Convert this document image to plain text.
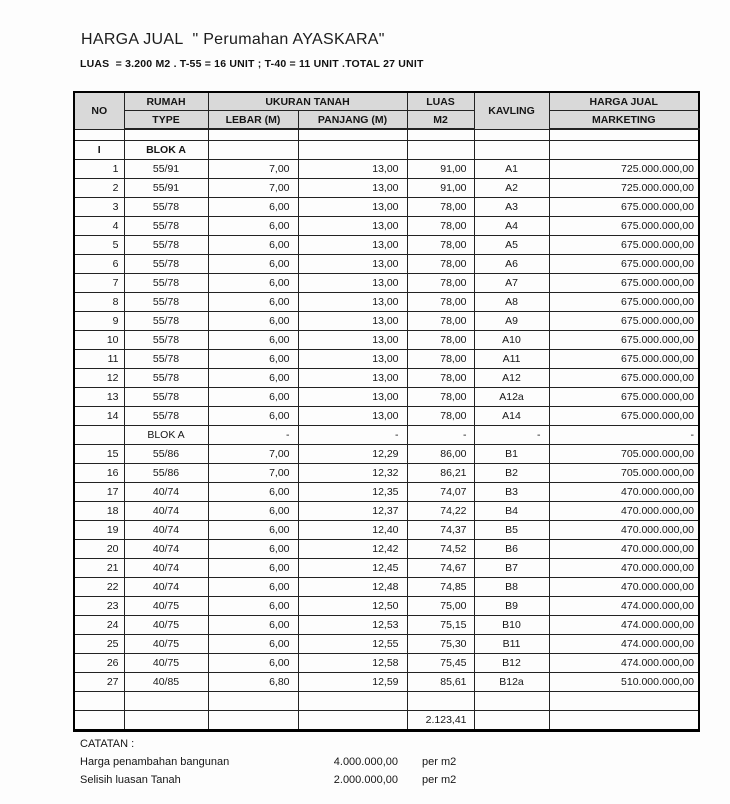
HARGA JUAL  " Perumahan AYASKARA"
LUAS  = 3.200 M2 . T-55 = 16 UNIT ; T-40 = 11 UNIT .TOTAL 27 UNIT
NO	RUMAH	UKURAN TANAH		LUAS	KAVLING	HARGA JUAL
	TYPE	LEBAR (M)	PANJANG (M)	M2		MARKETING

I	BLOK A					
1	55/91	7,00	13,00	91,00	A1	725.000.000,00
2	55/91	7,00	13,00	91,00	A2	725.000.000,00
3	55/78	6,00	13,00	78,00	A3	675.000.000,00
4	55/78	6,00	13,00	78,00	A4	675.000.000,00
5	55/78	6,00	13,00	78,00	A5	675.000.000,00
6	55/78	6,00	13,00	78,00	A6	675.000.000,00
7	55/78	6,00	13,00	78,00	A7	675.000.000,00
8	55/78	6,00	13,00	78,00	A8	675.000.000,00
9	55/78	6,00	13,00	78,00	A9	675.000.000,00
10	55/78	6,00	13,00	78,00	A10	675.000.000,00
11	55/78	6,00	13,00	78,00	A11	675.000.000,00
12	55/78	6,00	13,00	78,00	A12	675.000.000,00
13	55/78	6,00	13,00	78,00	A12a	675.000.000,00
14	55/78	6,00	13,00	78,00	A14	675.000.000,00
	BLOK A	-	-	-	-	-
15	55/86	7,00	12,29	86,00	B1	705.000.000,00
16	55/86	7,00	12,32	86,21	B2	705.000.000,00
17	40/74	6,00	12,35	74,07	B3	470.000.000,00
18	40/74	6,00	12,37	74,22	B4	470.000.000,00
19	40/74	6,00	12,40	74,37	B5	470.000.000,00
20	40/74	6,00	12,42	74,52	B6	470.000.000,00
21	40/74	6,00	12,45	74,67	B7	470.000.000,00
22	40/74	6,00	12,48	74,85	B8	470.000.000,00
23	40/75	6,00	12,50	75,00	B9	474.000.000,00
24	40/75	6,00	12,53	75,15	B10	474.000.000,00
25	40/75	6,00	12,55	75,30	B11	474.000.000,00
26	40/75	6,00	12,58	75,45	B12	474.000.000,00
27	40/85	6,80	12,59	85,61	B12a	510.000.000,00

				2.123,41		
CATATAN :
Harga penambahan bangunan	4.000.000,00	per m2
Selisih luasan Tanah	2.000.000,00	per m2
